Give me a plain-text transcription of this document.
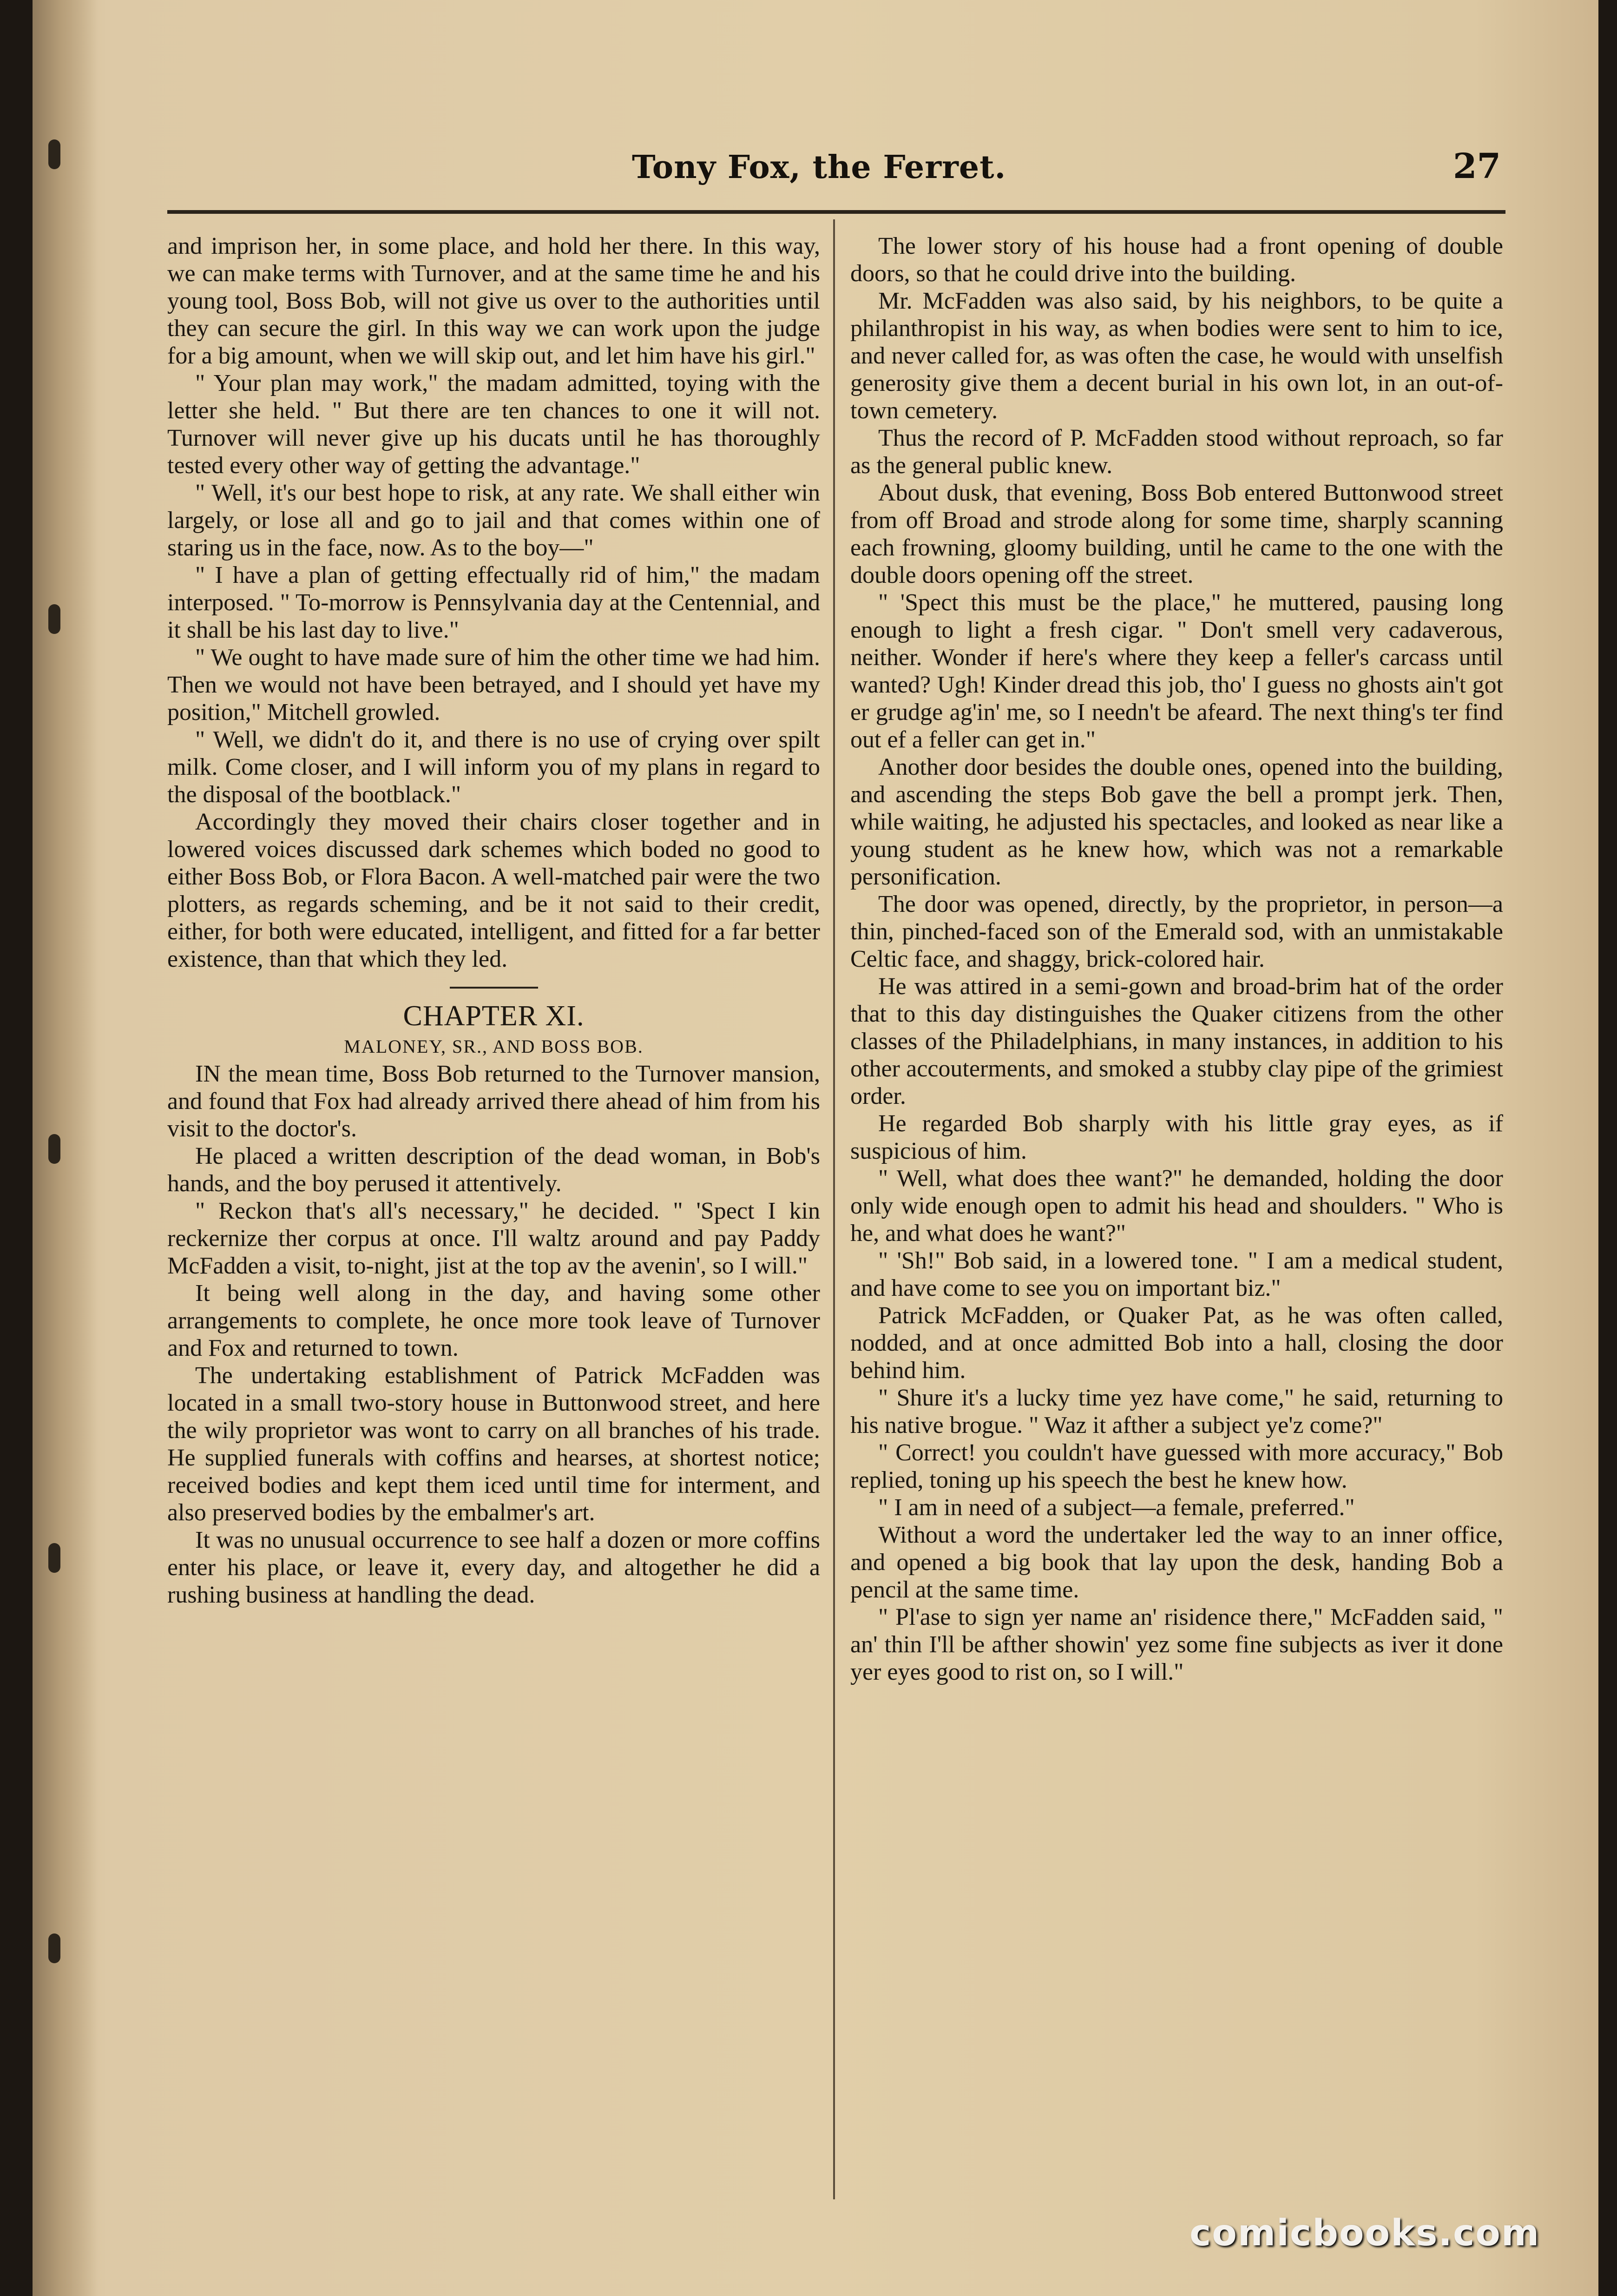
Tony Fox, the Ferret.	27

and imprison her, in some place, and hold her there. In this way, we can make terms with Turnover, and at the same time he and his young tool, Boss Bob, will not give us over to the authorities until they can secure the girl. In this way we can work upon the judge for a big amount, when we will skip out, and let him have his girl."

" Your plan may work," the madam admitted, toying with the letter she held. " But there are ten chances to one it will not. Turnover will never give up his ducats until he has thoroughly tested every other way of getting the advantage."

" Well, it's our best hope to risk, at any rate. We shall either win largely, or lose all and go to jail and that comes within one of staring us in the face, now. As to the boy—"

" I have a plan of getting effectually rid of him," the madam interposed. " To-morrow is Pennsylvania day at the Centennial, and it shall be his last day to live."

" We ought to have made sure of him the other time we had him. Then we would not have been betrayed, and I should yet have my position," Mitchell growled.

" Well, we didn't do it, and there is no use of crying over spilt milk. Come closer, and I will inform you of my plans in regard to the disposal of the bootblack."

Accordingly they moved their chairs closer together and in lowered voices discussed dark schemes which boded no good to either Boss Bob, or Flora Bacon. A well-matched pair were the two plotters, as regards scheming, and be it not said to their credit, either, for both were educated, intelligent, and fitted for a far better existence, than that which they led.

CHAPTER XI.

MALONEY, SR., AND BOSS BOB.

IN the mean time, Boss Bob returned to the Turnover mansion, and found that Fox had already arrived there ahead of him from his visit to the doctor's.

He placed a written description of the dead woman, in Bob's hands, and the boy perused it attentively.

" Reckon that's all's necessary," he decided. " 'Spect I kin reckernize ther corpus at once. I'll waltz around and pay Paddy McFadden a visit, to-night, jist at the top av the avenin', so I will."

It being well along in the day, and having some other arrangements to complete, he once more took leave of Turnover and Fox and returned to town.

The undertaking establishment of Patrick McFadden was located in a small two-story house in Buttonwood street, and here the wily proprietor was wont to carry on all branches of his trade. He supplied funerals with coffins and hearses, at shortest notice; received bodies and kept them iced until time for interment, and also preserved bodies by the embalmer's art.

It was no unusual occurrence to see half a dozen or more coffins enter his place, or leave it, every day, and altogether he did a rushing business at handling the dead.

The lower story of his house had a front opening of double doors, so that he could drive into the building.

Mr. McFadden was also said, by his neighbors, to be quite a philanthropist in his way, as when bodies were sent to him to ice, and never called for, as was often the case, he would with unselfish generosity give them a decent burial in his own lot, in an out-of-town cemetery.

Thus the record of P. McFadden stood without reproach, so far as the general public knew.

About dusk, that evening, Boss Bob entered Buttonwood street from off Broad and strode along for some time, sharply scanning each frowning, gloomy building, until he came to the one with the double doors opening off the street.

" 'Spect this must be the place," he muttered, pausing long enough to light a fresh cigar. " Don't smell very cadaverous, neither. Wonder if here's where they keep a feller's carcass until wanted? Ugh! Kinder dread this job, tho' I guess no ghosts ain't got er grudge ag'in' me, so I needn't be afeard. The next thing's ter find out ef a feller can get in."

Another door besides the double ones, opened into the building, and ascending the steps Bob gave the bell a prompt jerk. Then, while waiting, he adjusted his spectacles, and looked as near like a young student as he knew how, which was not a remarkable personification.

The door was opened, directly, by the proprietor, in person—a thin, pinched-faced son of the Emerald sod, with an unmistakable Celtic face, and shaggy, brick-colored hair.

He was attired in a semi-gown and broad-brim hat of the order that to this day distinguishes the Quaker citizens from the other classes of the Philadelphians, in many instances, in addition to his other accouterments, and smoked a stubby clay pipe of the grimiest order.

He regarded Bob sharply with his little gray eyes, as if suspicious of him.

" Well, what does thee want?" he demanded, holding the door only wide enough open to admit his head and shoulders. " Who is he, and what does he want?"

" 'Sh!" Bob said, in a lowered tone. " I am a medical student, and have come to see you on important biz."

Patrick McFadden, or Quaker Pat, as he was often called, nodded, and at once admitted Bob into a hall, closing the door behind him.

" Shure it's a lucky time yez have come," he said, returning to his native brogue. " Waz it afther a subject ye'z come?"

" Correct! you couldn't have guessed with more accuracy," Bob replied, toning up his speech the best he knew how.

" I am in need of a subject—a female, preferred."

Without a word the undertaker led the way to an inner office, and opened a big book that lay upon the desk, handing Bob a pencil at the same time.

" Pl'ase to sign yer name an' risidence there," McFadden said, " an' thin I'll be afther showin' yez some fine subjects as iver it done yer eyes good to rist on, so I will."

comicbooks.com
